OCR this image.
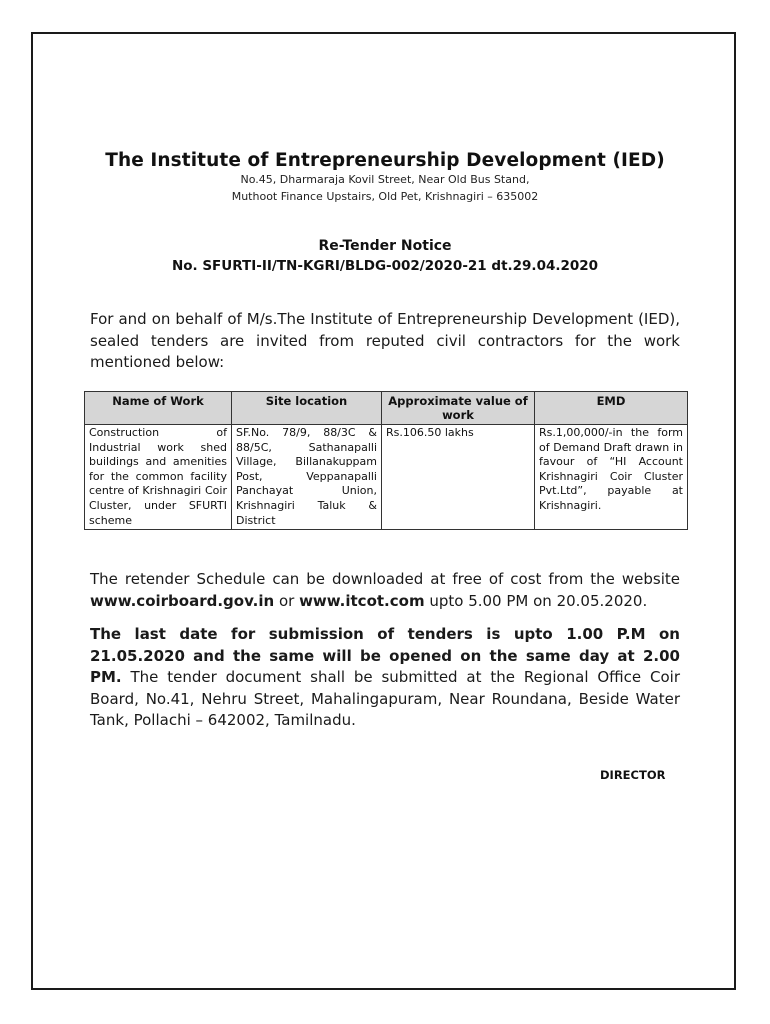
The Institute of Entrepreneurship Development (IED)
No.45, Dharmaraja Kovil Street, Near Old Bus Stand,
Muthoot Finance Upstairs, Old Pet, Krishnagiri – 635002
Re-Tender Notice
No. SFURTI-II/TN-KGRI/BLDG-002/2020-21 dt.29.04.2020
For and on behalf of M/s.The Institute of Entrepreneurship Development (IED), sealed tenders are invited from reputed civil contractors for the work mentioned below:
Name of Work	Site location	Approximate value of work	EMD
Construction of Industrial work shed buildings and amenities for the common facility centre of Krishnagiri Coir Cluster, under SFURTI scheme	SF.No. 78/9, 88/3C & 88/5C, Sathanapalli Village, Billanakuppam Post, Veppanapalli Panchayat Union, Krishnagiri Taluk & District	Rs.106.50 lakhs	Rs.1,00,000/-in the form of Demand Draft drawn in favour of “HI Account Krishnagiri Coir Cluster Pvt.Ltd”, payable at Krishnagiri.
The retender Schedule can be downloaded at free of cost from the website www.coirboard.gov.in or www.itcot.com upto 5.00 PM on 20.05.2020.
The last date for submission of tenders is upto 1.00 P.M on 21.05.2020 and the same will be opened on the same day at 2.00 PM. The tender document shall be submitted at the Regional Office Coir Board, No.41, Nehru Street, Mahalingapuram, Near Roundana, Beside Water Tank, Pollachi – 642002, Tamilnadu.
DIRECTOR
